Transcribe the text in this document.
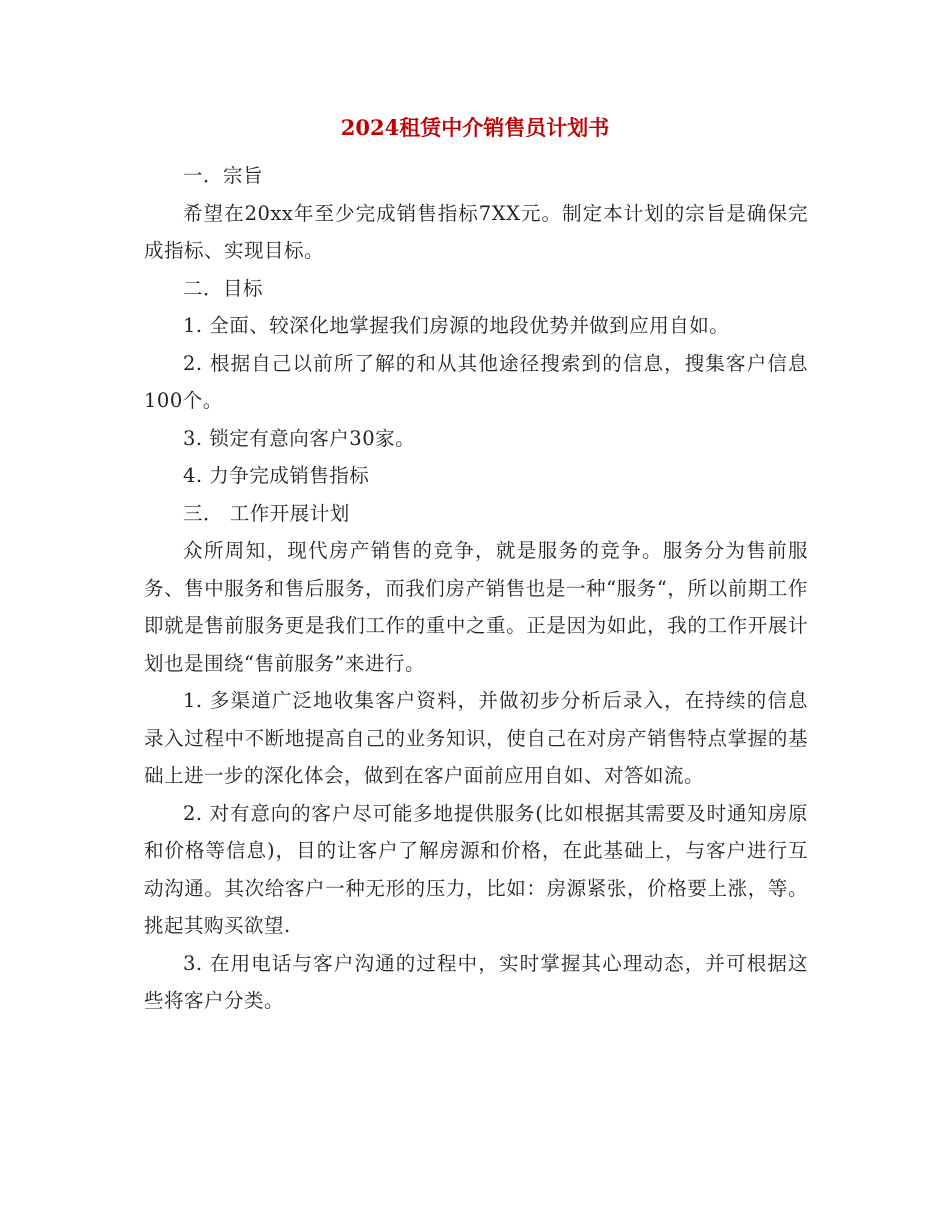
2024租赁中介销售员计划书

一．宗旨

希望在20xx年至少完成销售指标7XX元。制定本计划的宗旨是确保完成指标、实现目标。

二．目标

1. 全面、较深化地掌握我们房源的地段优势并做到应用自如。

2. 根据自己以前所了解的和从其他途径搜索到的信息，搜集客户信息100个。

3. 锁定有意向客户30家。

4. 力争完成销售指标

三． 工作开展计划

众所周知，现代房产销售的竞争，就是服务的竞争。服务分为售前服务、售中服务和售后服务，而我们房产销售也是一种“服务“，所以前期工作即就是售前服务更是我们工作的重中之重。正是因为如此，我的工作开展计划也是围绕“售前服务”来进行。

1. 多渠道广泛地收集客户资料，并做初步分析后录入，在持续的信息录入过程中不断地提高自己的业务知识，使自己在对房产销售特点掌握的基础上进一步的深化体会，做到在客户面前应用自如、对答如流。

2. 对有意向的客户尽可能多地提供服务(比如根据其需要及时通知房原和价格等信息)，目的让客户了解房源和价格，在此基础上，与客户进行互动沟通。其次给客户一种无形的压力，比如：房源紧张，价格要上涨，等。挑起其购买欲望.

3. 在用电话与客户沟通的过程中，实时掌握其心理动态，并可根据这些将客户分类。
